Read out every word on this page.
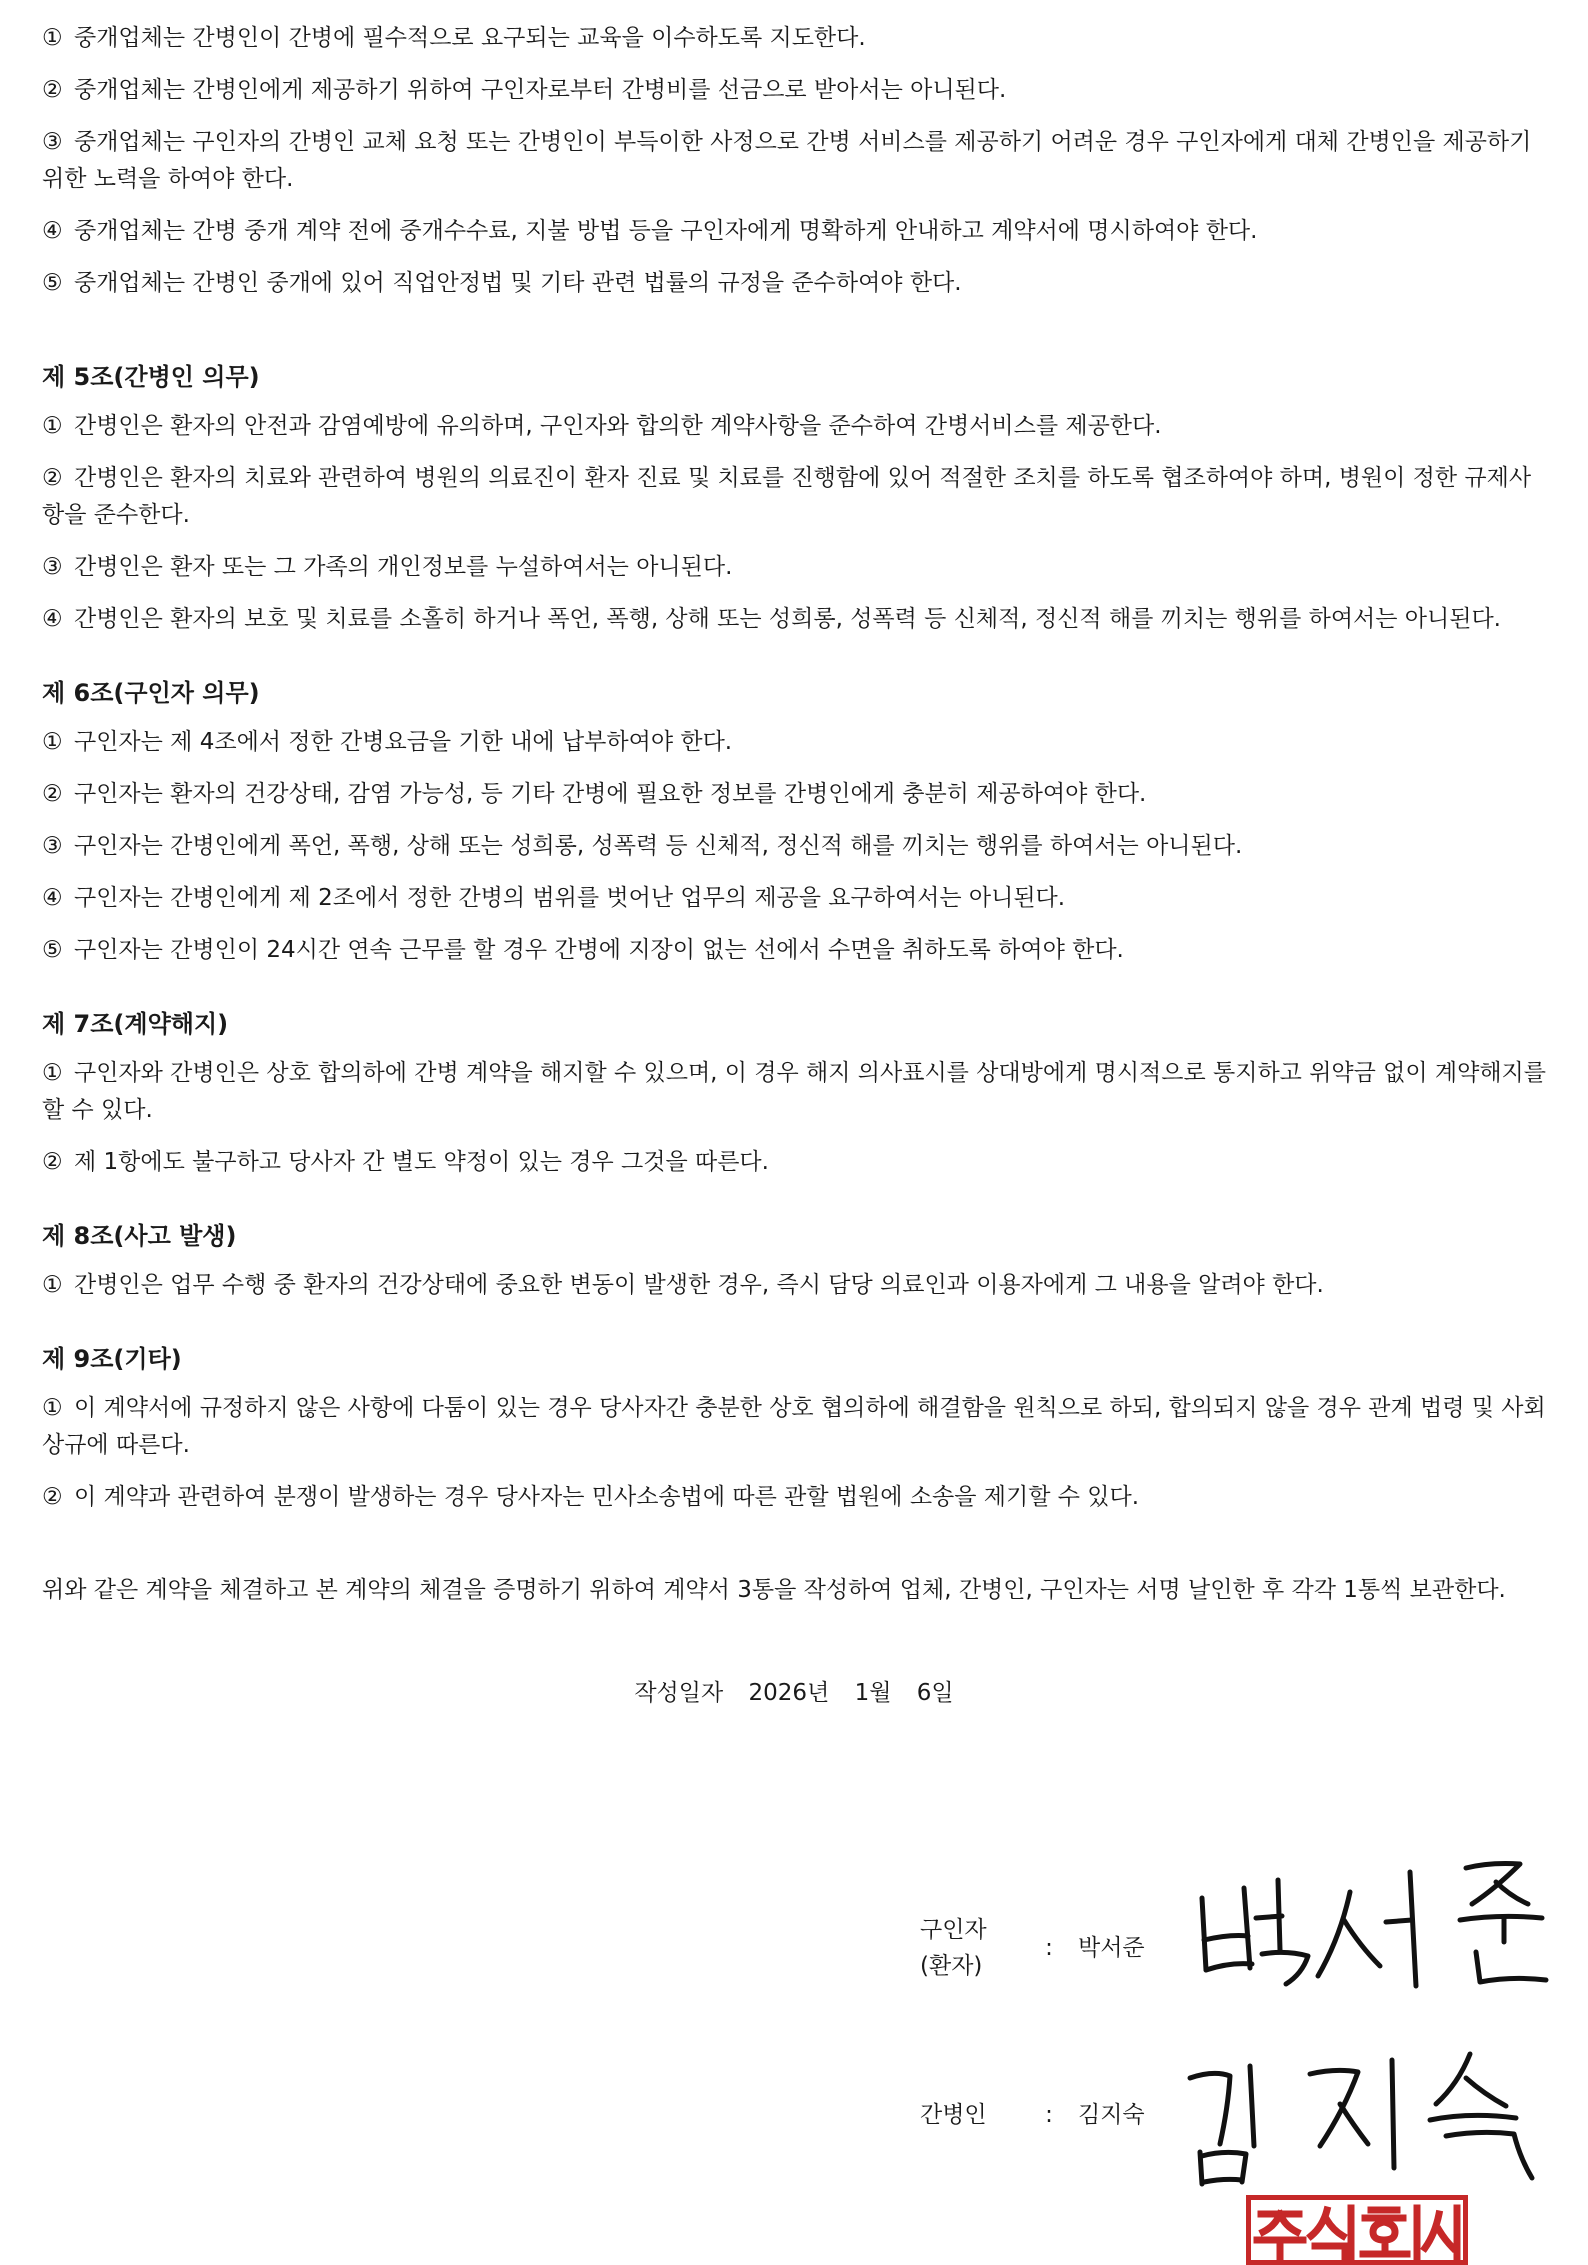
① 중개업체는 간병인이 간병에 필수적으로 요구되는 교육을 이수하도록 지도한다.

② 중개업체는 간병인에게 제공하기 위하여 구인자로부터 간병비를 선금으로 받아서는 아니된다.

③ 중개업체는 구인자의 간병인 교체 요청 또는 간병인이 부득이한 사정으로 간병 서비스를 제공하기 어려운 경우 구인자에게 대체 간병인을 제공하기 위한 노력을 하여야 한다.

④ 중개업체는 간병 중개 계약 전에 중개수수료, 지불 방법 등을 구인자에게 명확하게 안내하고 계약서에 명시하여야 한다.

⑤ 중개업체는 간병인 중개에 있어 직업안정법 및 기타 관련 법률의 규정을 준수하여야 한다.

제 5조(간병인 의무)

① 간병인은 환자의 안전과 감염예방에 유의하며, 구인자와 합의한 계약사항을 준수하여 간병서비스를 제공한다.

② 간병인은 환자의 치료와 관련하여 병원의 의료진이 환자 진료 및 치료를 진행함에 있어 적절한 조치를 하도록 협조하여야 하며, 병원이 정한 규제사항을 준수한다.

③ 간병인은 환자 또는 그 가족의 개인정보를 누설하여서는 아니된다.

④ 간병인은 환자의 보호 및 치료를 소홀히 하거나 폭언, 폭행, 상해 또는 성희롱, 성폭력 등 신체적, 정신적 해를 끼치는 행위를 하여서는 아니된다.

제 6조(구인자 의무)

① 구인자는 제 4조에서 정한 간병요금을 기한 내에 납부하여야 한다.

② 구인자는 환자의 건강상태, 감염 가능성, 등 기타 간병에 필요한 정보를 간병인에게 충분히 제공하여야 한다.

③ 구인자는 간병인에게 폭언, 폭행, 상해 또는 성희롱, 성폭력 등 신체적, 정신적 해를 끼치는 행위를 하여서는 아니된다.

④ 구인자는 간병인에게 제 2조에서 정한 간병의 범위를 벗어난 업무의 제공을 요구하여서는 아니된다.

⑤ 구인자는 간병인이 24시간 연속 근무를 할 경우 간병에 지장이 없는 선에서 수면을 취하도록 하여야 한다.

제 7조(계약해지)

① 구인자와 간병인은 상호 합의하에 간병 계약을 해지할 수 있으며, 이 경우 해지 의사표시를 상대방에게 명시적으로 통지하고 위약금 없이 계약해지를 할 수 있다.

② 제 1항에도 불구하고 당사자 간 별도 약정이 있는 경우 그것을 따른다.

제 8조(사고 발생)

① 간병인은 업무 수행 중 환자의 건강상태에 중요한 변동이 발생한 경우, 즉시 담당 의료인과 이용자에게 그 내용을 알려야 한다.

제 9조(기타)

① 이 계약서에 규정하지 않은 사항에 다툼이 있는 경우 당사자간 충분한 상호 협의하에 해결함을 원칙으로 하되, 합의되지 않을 경우 관계 법령 및 사회상규에 따른다.

② 이 계약과 관련하여 분쟁이 발생하는 경우 당사자는 민사소송법에 따른 관할 법원에 소송을 제기할 수 있다.

위와 같은 계약을 체결하고 본 계약의 체결을 증명하기 위하여 계약서 3통을 작성하여 업체, 간병인, 구인자는 서명 날인한 후 각각 1통씩 보관한다.

작성일자 2026년 1월 6일
구인자
(환자)
: 박서준
간병인	: 김지숙
